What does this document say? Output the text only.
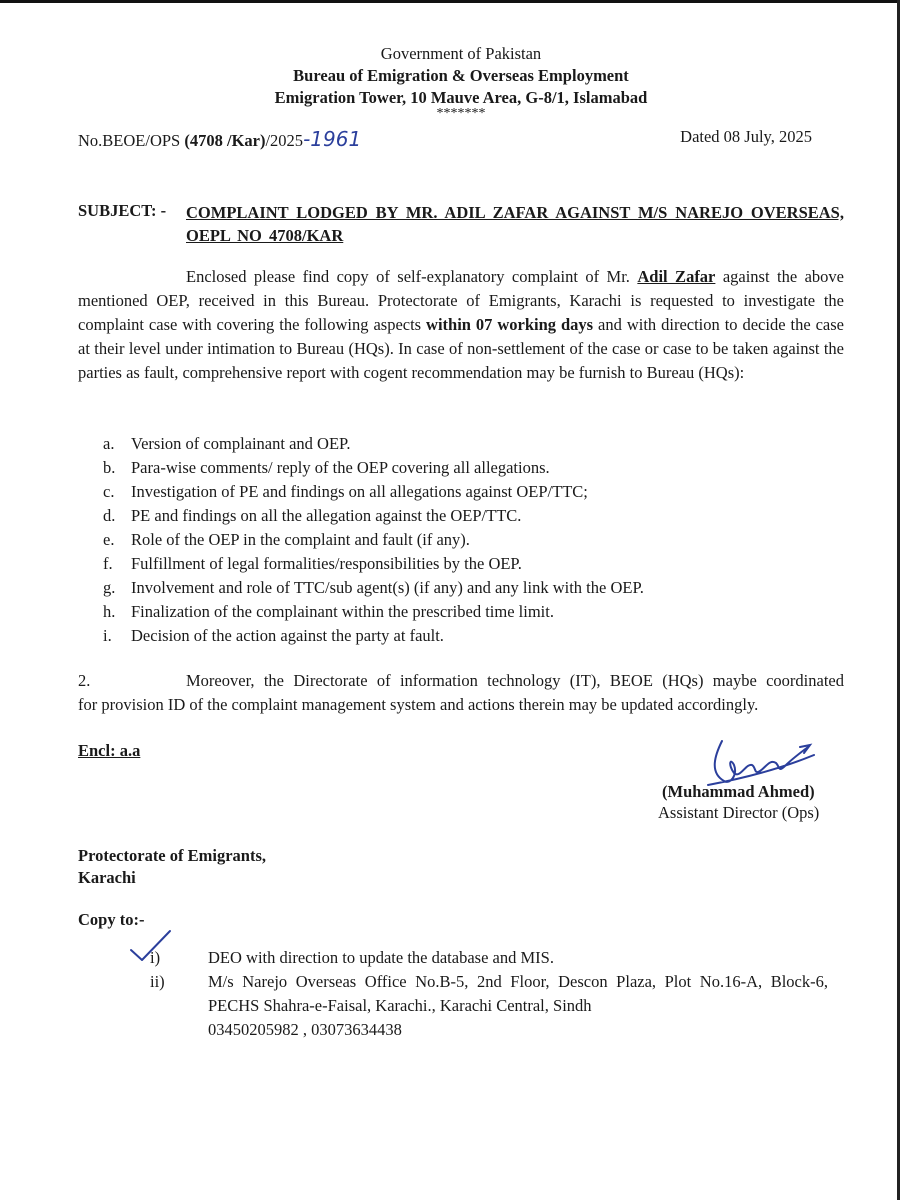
Government of Pakistan
Bureau of Emigration & Overseas Employment
Emigration Tower, 10 Mauve Area, G-8/1, Islamabad
*******
No.BEOE/OPS (4708 /Kar)/2025-1961	Dated 08 July, 2025
SUBJECT: - COMPLAINT LODGED BY MR. ADIL ZAFAR AGAINST M/S NAREJO OVERSEAS, OEPL NO 4708/KAR
Enclosed please find copy of self-explanatory complaint of Mr. Adil Zafar against the above mentioned OEP, received in this Bureau. Protectorate of Emigrants, Karachi is requested to investigate the complaint case with covering the following aspects within 07 working days and with direction to decide the case at their level under intimation to Bureau (HQs). In case of non-settlement of the case or case to be taken against the parties as fault, comprehensive report with cogent recommendation may be furnish to Bureau (HQs):
a.	Version of complainant and OEP.
b. Para-wise comments/ reply of the OEP covering all allegations.
c.	Investigation of PE and findings on all allegations against OEP/TTC;
d. PE and findings on all the allegation against the OEP/TTC.
e.	Role of the OEP in the complaint and fault (if any).
f.	Fulfillment of legal formalities/responsibilities by the OEP.
g. Involvement and role of TTC/sub agent(s) (if any) and any link with the OEP.
h. Finalization of the complainant within the prescribed time limit.
i.	Decision of the action against the party at fault.
2.	Moreover, the Directorate of information technology (IT), BEOE (HQs) maybe coordinated
for provision ID of the complaint management system and actions therein may be updated accordingly.
Encl: a.a
(Muhammad Ahmed)
Assistant Director (Ops)
Protectorate of Emigrants,
Karachi
Copy to:-
i)	DEO with direction to update the database and MIS.
ii)	M/s Narejo Overseas Office No.B-5, 2nd Floor, Descon Plaza, Plot No.16-A, Block-6, PECHS Shahra-e-Faisal, Karachi., Karachi Central, Sindh
03450205982 , 03073634438
